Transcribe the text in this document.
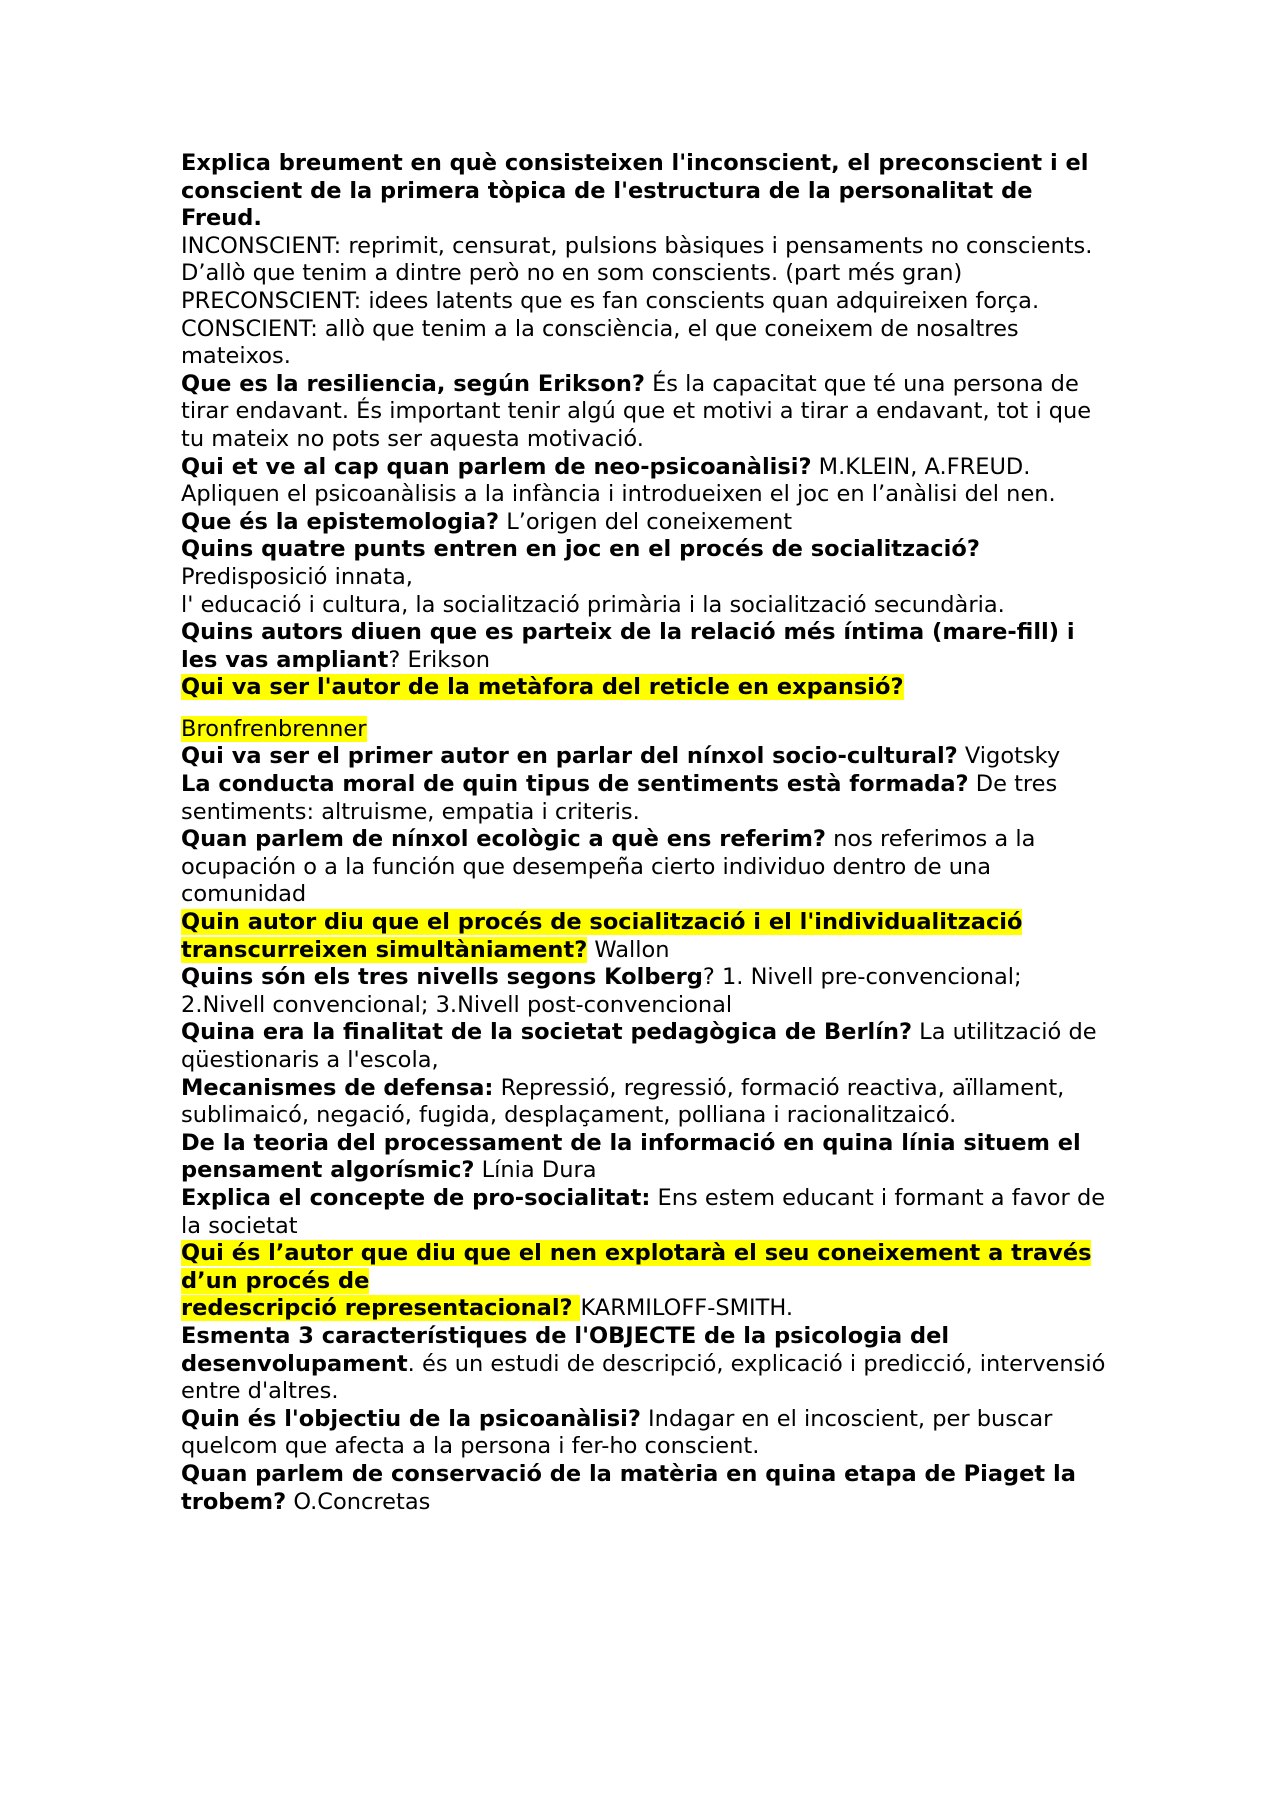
Explica breument en què consisteixen l'inconscient, el preconscient i el conscient de la primera tòpica de l'estructura de la personalitat de Freud.

INCONSCIENT: reprimit, censurat, pulsions bàsiques i pensaments no conscients. D’allò que tenim a dintre però no en som conscients. (part més gran)

PRECONSCIENT: idees latents que es fan conscients quan adquireixen força.

CONSCIENT: allò que tenim a la consciència, el que coneixem de nosaltres mateixos.

Que es la resiliencia, según Erikson? És la capacitat que té una persona de tirar endavant. És important tenir algú que et motivi a tirar a endavant, tot i que tu mateix no pots ser aquesta motivació.

Qui et ve al cap quan parlem de neo-psicoanàlisi? M.KLEIN, A.FREUD. Apliquen el psicoanàlisis a la infància i introdueixen el joc en l’anàlisi del nen.

Que és la epistemologia? L’origen del coneixement

Quins quatre punts entren en joc en el procés de socialització?

Predisposició innata,

l' educació i cultura, la socialització primària i la socialització secundària.

Quins autors diuen que es parteix de la relació més íntima (mare-fill) i les vas ampliant? Erikson

Qui va ser l'autor de la metàfora del reticle en expansió?

Bronfrenbrenner

Qui va ser el primer autor en parlar del nínxol socio-cultural? Vigotsky

La conducta moral de quin tipus de sentiments està formada? De tres sentiments: altruisme, empatia i criteris.

Quan parlem de nínxol ecològic a què ens referim? nos referimos a la ocupación o a la función que desempeña cierto individuo dentro de una comunidad

Quin autor diu que el procés de socialització i el l'individualització transcurreixen simultàniament? Wallon

Quins són els tres nivells segons Kolberg? 1. Nivell pre-convencional; 2.Nivell convencional; 3.Nivell post-convencional

Quina era la finalitat de la societat pedagògica de Berlín? La utilització de qüestionaris a l'escola,

Mecanismes de defensa: Repressió, regressió, formació reactiva, aïllament, sublimaicó, negació, fugida, desplaçament, polliana i racionalitzaicó.

De la teoria del processament de la informació en quina línia situem el pensament algorísmic? Línia Dura

Explica el concepte de pro-socialitat: Ens estem educant i formant a favor de la societat

Qui és l’autor que diu que el nen explotarà el seu coneixement a través d’un procés de

redescripció representacional? KARMILOFF-SMITH.

Esmenta 3 característiques de l'OBJECTE de la psicologia del desenvolupament. és un estudi de descripció, explicació i predicció, intervensió entre d'altres.

Quin és l'objectiu de la psicoanàlisi? Indagar en el incoscient, per buscar quelcom que afecta a la persona i fer-ho conscient.

Quan parlem de conservació de la matèria en quina etapa de Piaget la trobem? O.Concretas
